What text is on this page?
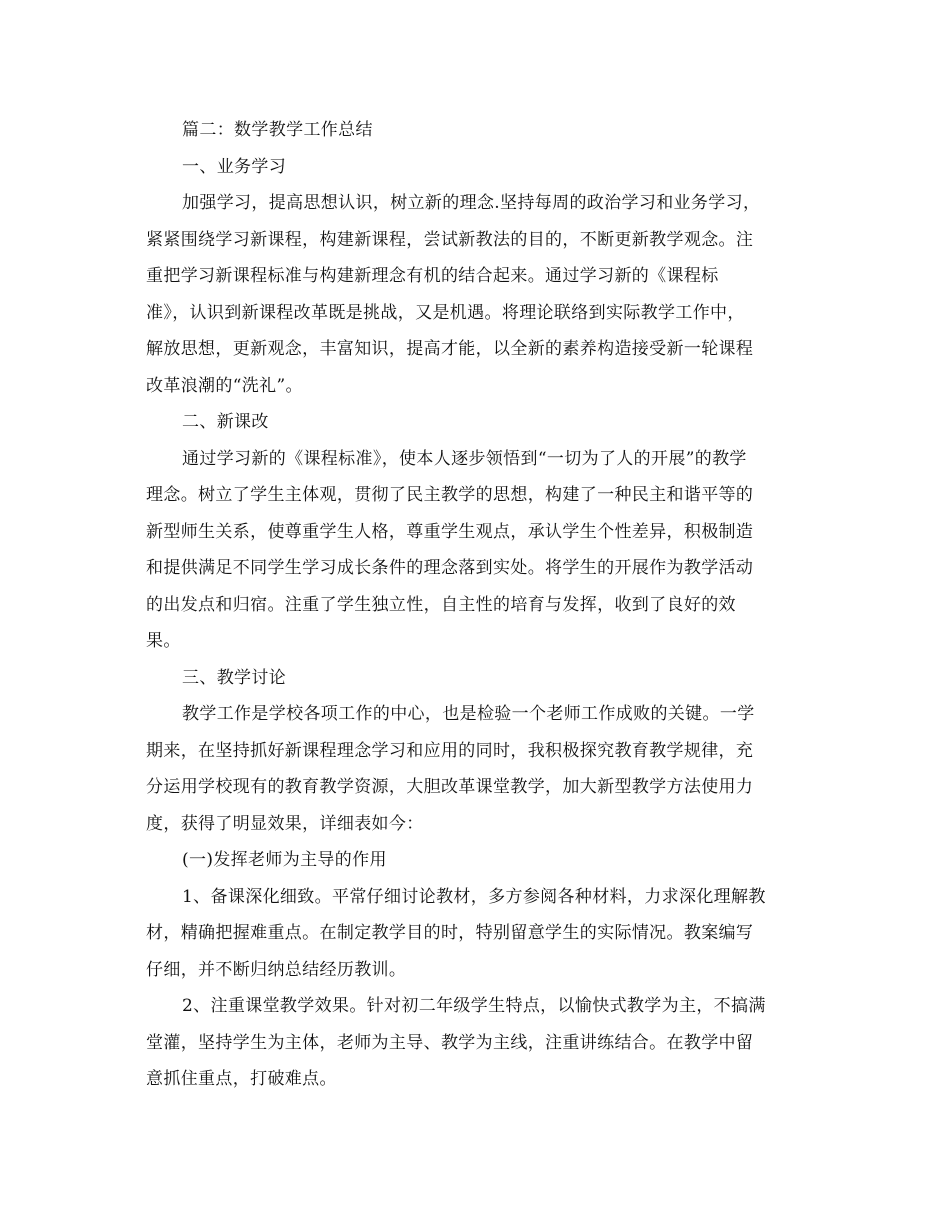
篇二：数学教学工作总结

一、业务学习

加强学习，提高思想认识，树立新的理念.坚持每周的政治学习和业务学习，
紧紧围绕学习新课程，构建新课程，尝试新教法的目的，不断更新教学观念。注
重把学习新课程标准与构建新理念有机的结合起来。通过学习新的《课程标
准》，认识到新课程改革既是挑战，又是机遇。将理论联络到实际教学工作中，
解放思想，更新观念，丰富知识，提高才能，以全新的素养构造接受新一轮课程
改革浪潮的“洗礼”。

二、新课改

通过学习新的《课程标准》，使本人逐步领悟到“一切为了人的开展”的教学
理念。树立了学生主体观，贯彻了民主教学的思想，构建了一种民主和谐平等的
新型师生关系，使尊重学生人格，尊重学生观点，承认学生个性差异，积极制造
和提供满足不同学生学习成长条件的理念落到实处。将学生的开展作为教学活动
的出发点和归宿。注重了学生独立性，自主性的培育与发挥，收到了良好的效
果。

三、教学讨论

教学工作是学校各项工作的中心，也是检验一个老师工作成败的关键。一学
期来，在坚持抓好新课程理念学习和应用的同时，我积极探究教育教学规律，充
分运用学校现有的教育教学资源，大胆改革课堂教学，加大新型教学方法使用力
度，获得了明显效果，详细表如今：

(一)发挥老师为主导的作用

1、备课深化细致。平常仔细讨论教材，多方参阅各种材料，力求深化理解教
材，精确把握难重点。在制定教学目的时，特别留意学生的实际情况。教案编写
仔细，并不断归纳总结经历教训。

2、注重课堂教学效果。针对初二年级学生特点，以愉快式教学为主，不搞满
堂灌，坚持学生为主体，老师为主导、教学为主线，注重讲练结合。在教学中留
意抓住重点，打破难点。
